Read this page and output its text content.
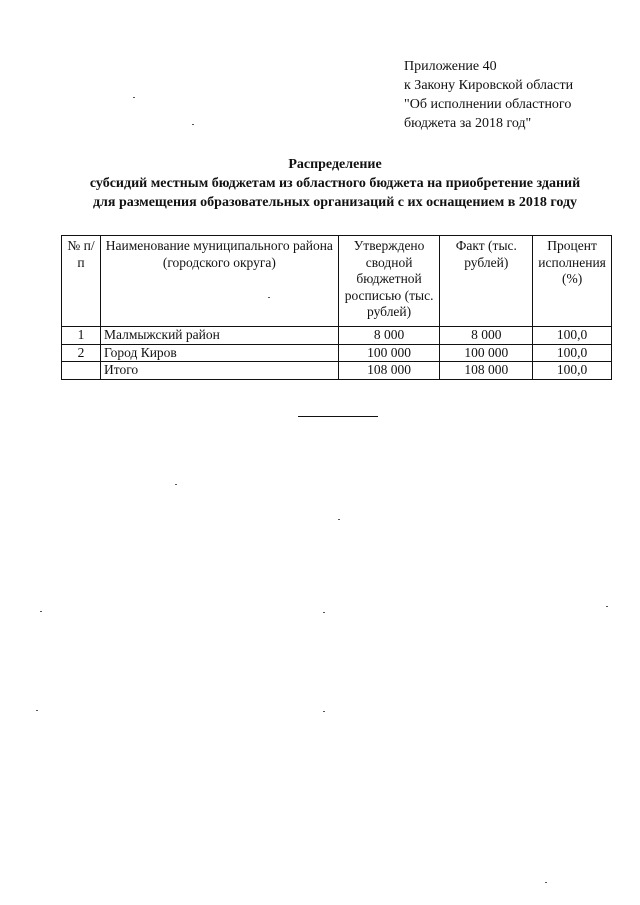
Приложение 40
к Закону Кировской области
"Об исполнении областного
бюджета за 2018 год"
Распределение
субсидий местным бюджетам из областного бюджета на приобретение зданий
для размещения образовательных организаций с их оснащением в 2018 году
№ п/п	Наименование муниципального района (городского округа)	Утверждено сводной бюджетной росписью (тыс. рублей)	Факт (тыс. рублей)	Процент исполнения (%)
1	Малмыжский район	8 000	8 000	100,0
2	Город Киров	100 000	100 000	100,0
	Итого	108 000	108 000	100,0
